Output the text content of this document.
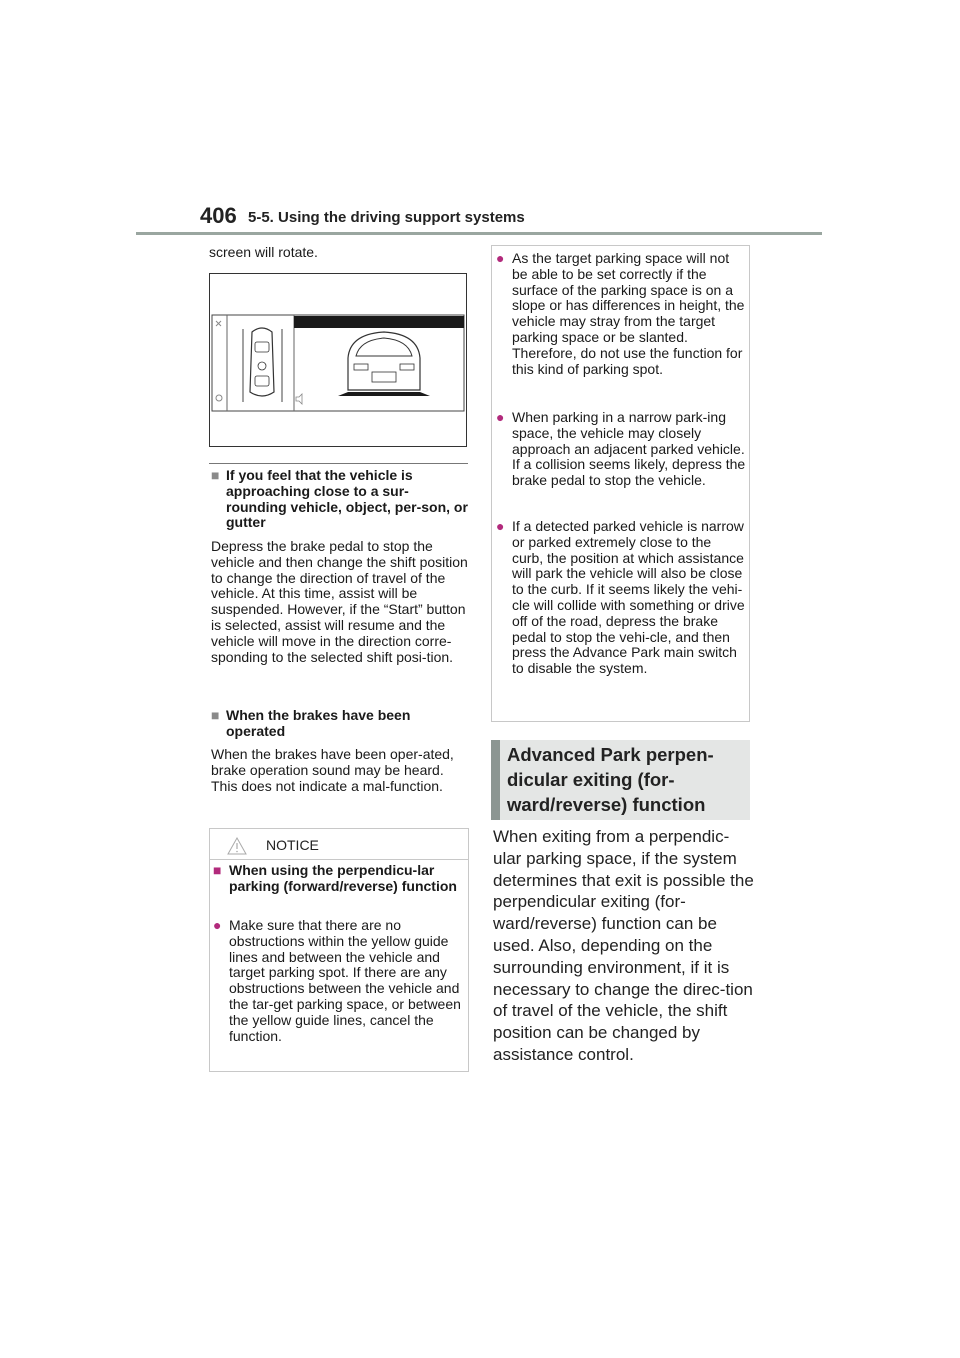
406 5-5. Using the driving support systems
screen will rotate.
■ If you feel that the vehicle is approaching close to a sur-rounding vehicle, object, per-son, or gutter
Depress the brake pedal to stop the vehicle and then change the shift position to change the direction of travel of the vehicle. At this time, assist will be suspended. However, if the “Start” button is selected, assist will resume and the vehicle will move in the direction corre-sponding to the selected shift posi-tion.
■ When the brakes have been operated
When the brakes have been oper-ated, brake operation sound may be heard. This does not indicate a mal-function.
NOTICE
■ When using the perpendicu-lar parking (forward/reverse) function
● Make sure that there are no obstructions within the yellow guide lines and between the vehicle and target parking spot. If there are any obstructions between the vehicle and the tar-get parking space, or between the yellow guide lines, cancel the function.
● As the target parking space will not be able to be set correctly if the surface of the parking space is on a slope or has differences in height, the vehicle may stray from the target parking space or be slanted. Therefore, do not use the function for this kind of parking spot.
● When parking in a narrow park-ing space, the vehicle may closely approach an adjacent parked vehicle. If a collision seems likely, depress the brake pedal to stop the vehicle.
● If a detected parked vehicle is narrow or parked extremely close to the curb, the position at which assistance will park the vehicle will also be close to the curb. If it seems likely the vehi-cle will collide with something or drive off of the road, depress the brake pedal to stop the vehi-cle, and then press the Advance Park main switch to disable the system.
Advanced Park perpen-dicular exiting (for-ward/reverse) function
When exiting from a perpendic-ular parking space, if the system determines that exit is possible the perpendicular exiting (for-ward/reverse) function can be used. Also, depending on the surrounding environment, if it is necessary to change the direc-tion of travel of the vehicle, the shift position can be changed by assistance control.
